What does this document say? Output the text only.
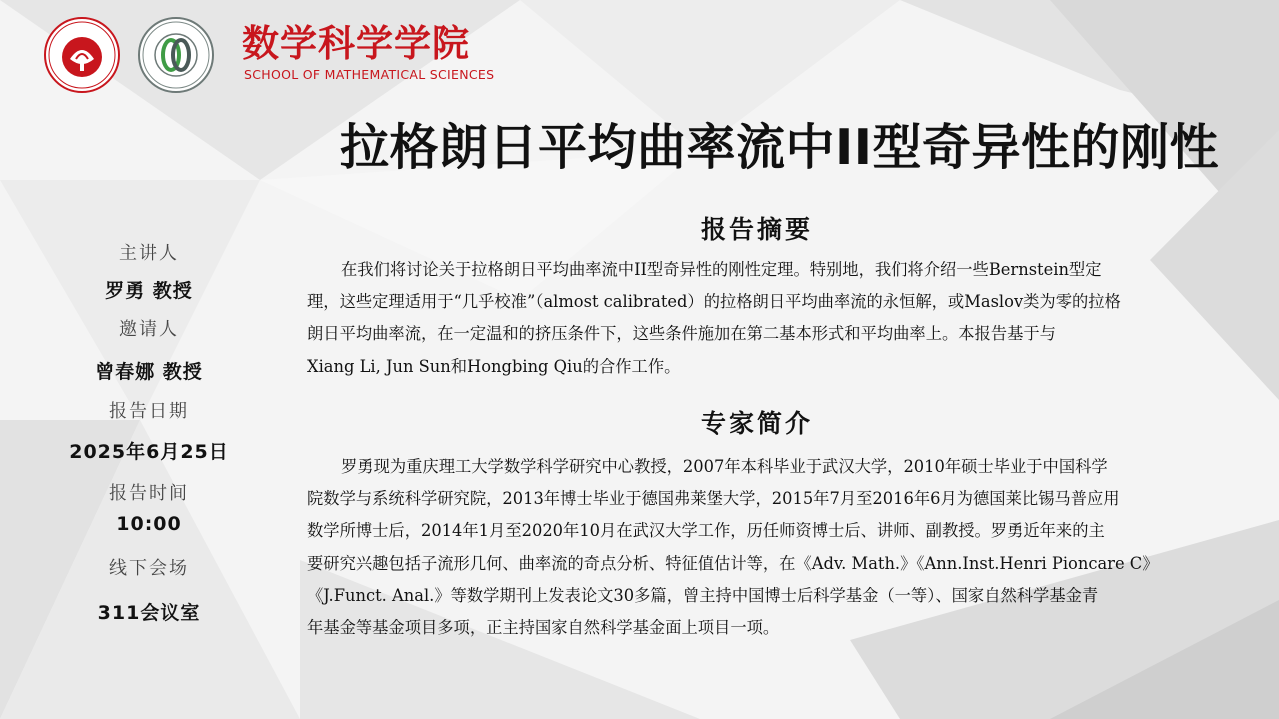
数学科学学院
SCHOOL OF MATHEMATICAL SCIENCES
拉格朗日平均曲率流中II型奇异性的刚性
主讲人
罗勇 教授
邀请人
曾春娜 教授
报告日期
2025年6月25日
报告时间
10:00
线下会场
311会议室
报告摘要
在我们将讨论关于拉格朗日平均曲率流中II型奇异性的刚性定理。特别地，我们将介绍一些Bernstein型定
理，这些定理适用于“几乎校准”（almost calibrated）的拉格朗日平均曲率流的永恒解，或Maslov类为零的拉格
朗日平均曲率流，在一定温和的挤压条件下，这些条件施加在第二基本形式和平均曲率上。本报告基于与
Xiang Li, Jun Sun和Hongbing Qiu的合作工作。
专家简介
罗勇现为重庆理工大学数学科学研究中心教授，2007年本科毕业于武汉大学，2010年硕士毕业于中国科学
院数学与系统科学研究院，2013年博士毕业于德国弗莱堡大学，2015年7月至2016年6月为德国莱比锡马普应用
数学所博士后，2014年1月至2020年10月在武汉大学工作，历任师资博士后、讲师、副教授。罗勇近年来的主
要研究兴趣包括子流形几何、曲率流的奇点分析、特征值估计等，在《Adv. Math.》《Ann.Inst.Henri Pioncare C》
《J.Funct. Anal.》等数学期刊上发表论文30多篇，曾主持中国博士后科学基金（一等）、国家自然科学基金青
年基金等基金项目多项，正主持国家自然科学基金面上项目一项。
